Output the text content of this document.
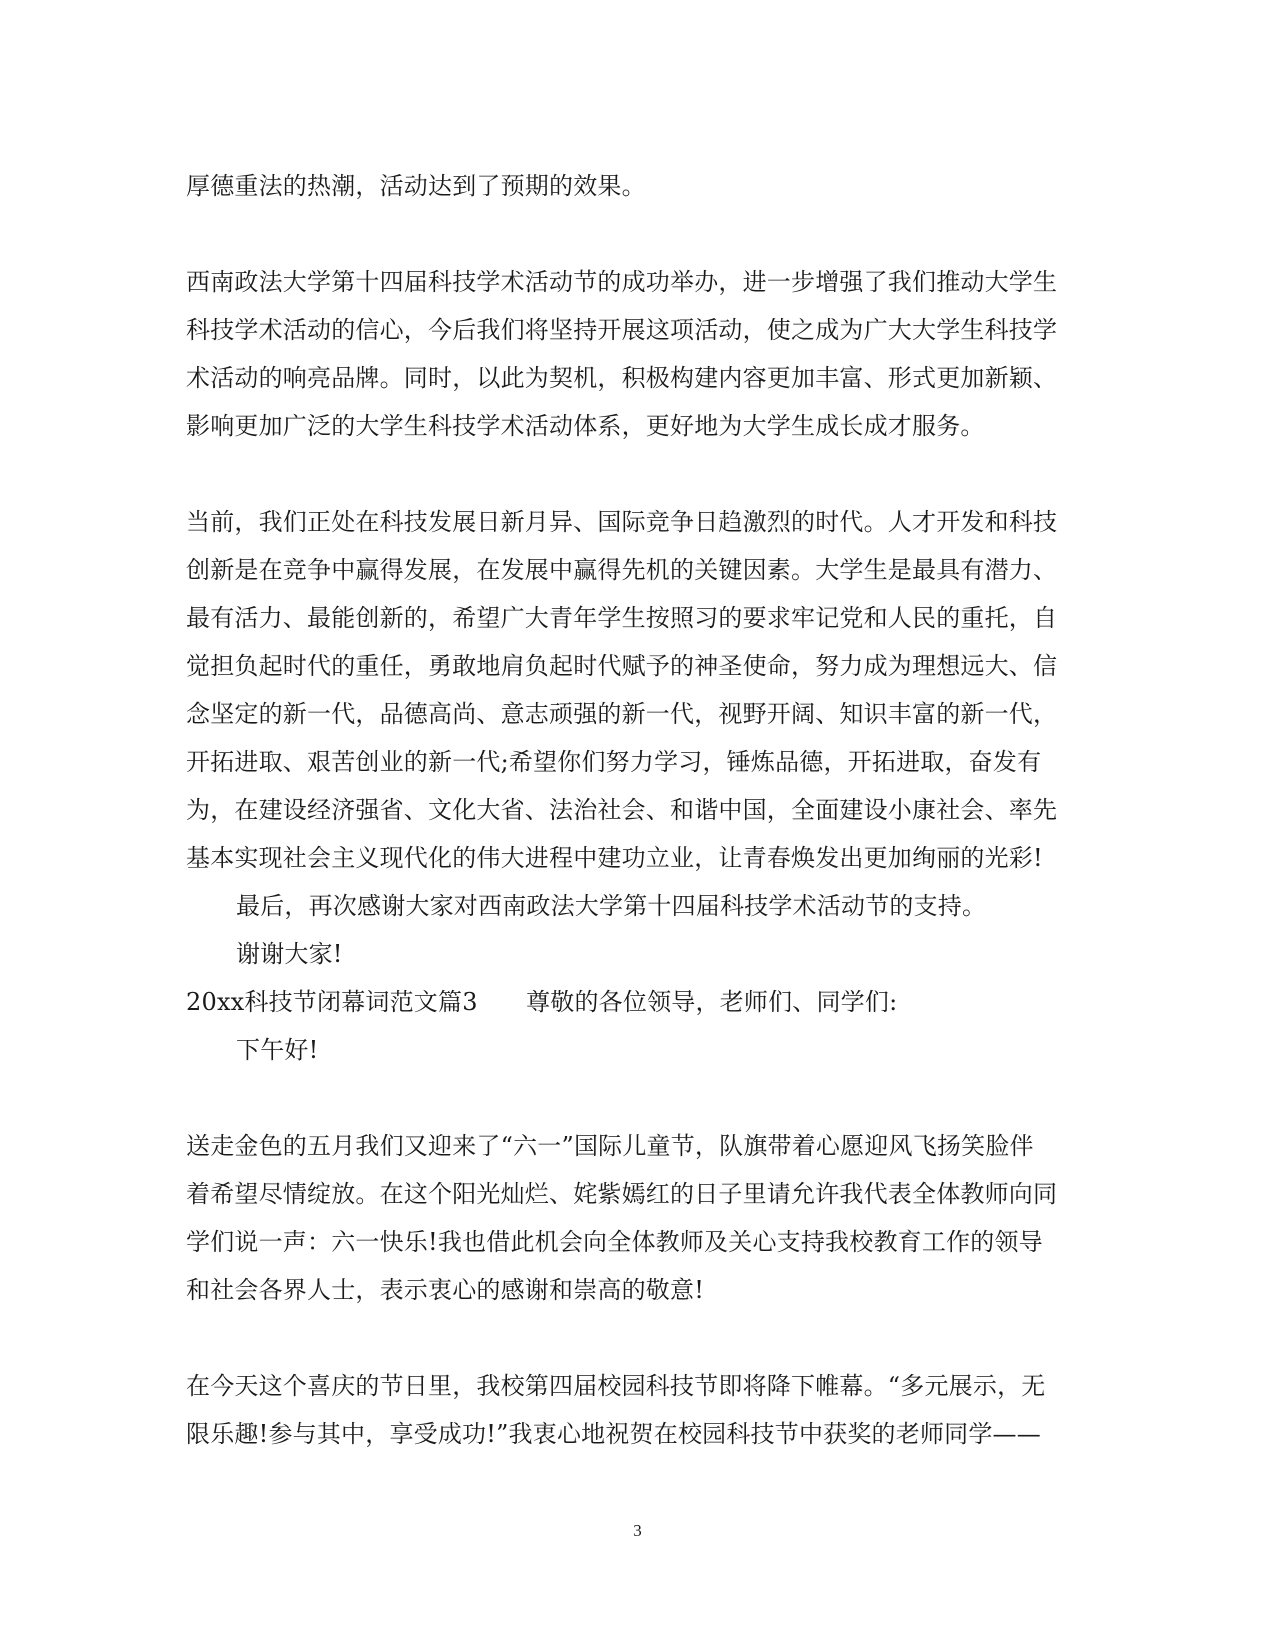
厚德重法的热潮，活动达到了预期的效果。
西南政法大学第十四届科技学术活动节的成功举办，进一步增强了我们推动大学生
科技学术活动的信心，今后我们将坚持开展这项活动，使之成为广大大学生科技学
术活动的响亮品牌。同时，以此为契机，积极构建内容更加丰富、形式更加新颖、
影响更加广泛的大学生科技学术活动体系，更好地为大学生成长成才服务。
当前，我们正处在科技发展日新月异、国际竞争日趋激烈的时代。人才开发和科技
创新是在竞争中赢得发展，在发展中赢得先机的关键因素。大学生是最具有潜力、
最有活力、最能创新的，希望广大青年学生按照习的要求牢记党和人民的重托，自
觉担负起时代的重任，勇敢地肩负起时代赋予的神圣使命，努力成为理想远大、信
念坚定的新一代，品德高尚、意志顽强的新一代，视野开阔、知识丰富的新一代，
开拓进取、艰苦创业的新一代;希望你们努力学习，锤炼品德，开拓进取，奋发有
为，在建设经济强省、文化大省、法治社会、和谐中国，全面建设小康社会、率先
基本实现社会主义现代化的伟大进程中建功立业，让青春焕发出更加绚丽的光彩!
最后，再次感谢大家对西南政法大学第十四届科技学术活动节的支持。
谢谢大家!
20xx科技节闭幕词范文篇3　　尊敬的各位领导，老师们、同学们:
下午好!
送走金色的五月我们又迎来了“六一”国际儿童节，队旗带着心愿迎风飞扬笑脸伴
着希望尽情绽放。在这个阳光灿烂、姹紫嫣红的日子里请允许我代表全体教师向同
学们说一声：六一快乐!我也借此机会向全体教师及关心支持我校教育工作的领导
和社会各界人士，表示衷心的感谢和崇高的敬意!
在今天这个喜庆的节日里，我校第四届校园科技节即将降下帷幕。“多元展示，无
限乐趣!参与其中，享受成功!”我衷心地祝贺在校园科技节中获奖的老师同学——
3
